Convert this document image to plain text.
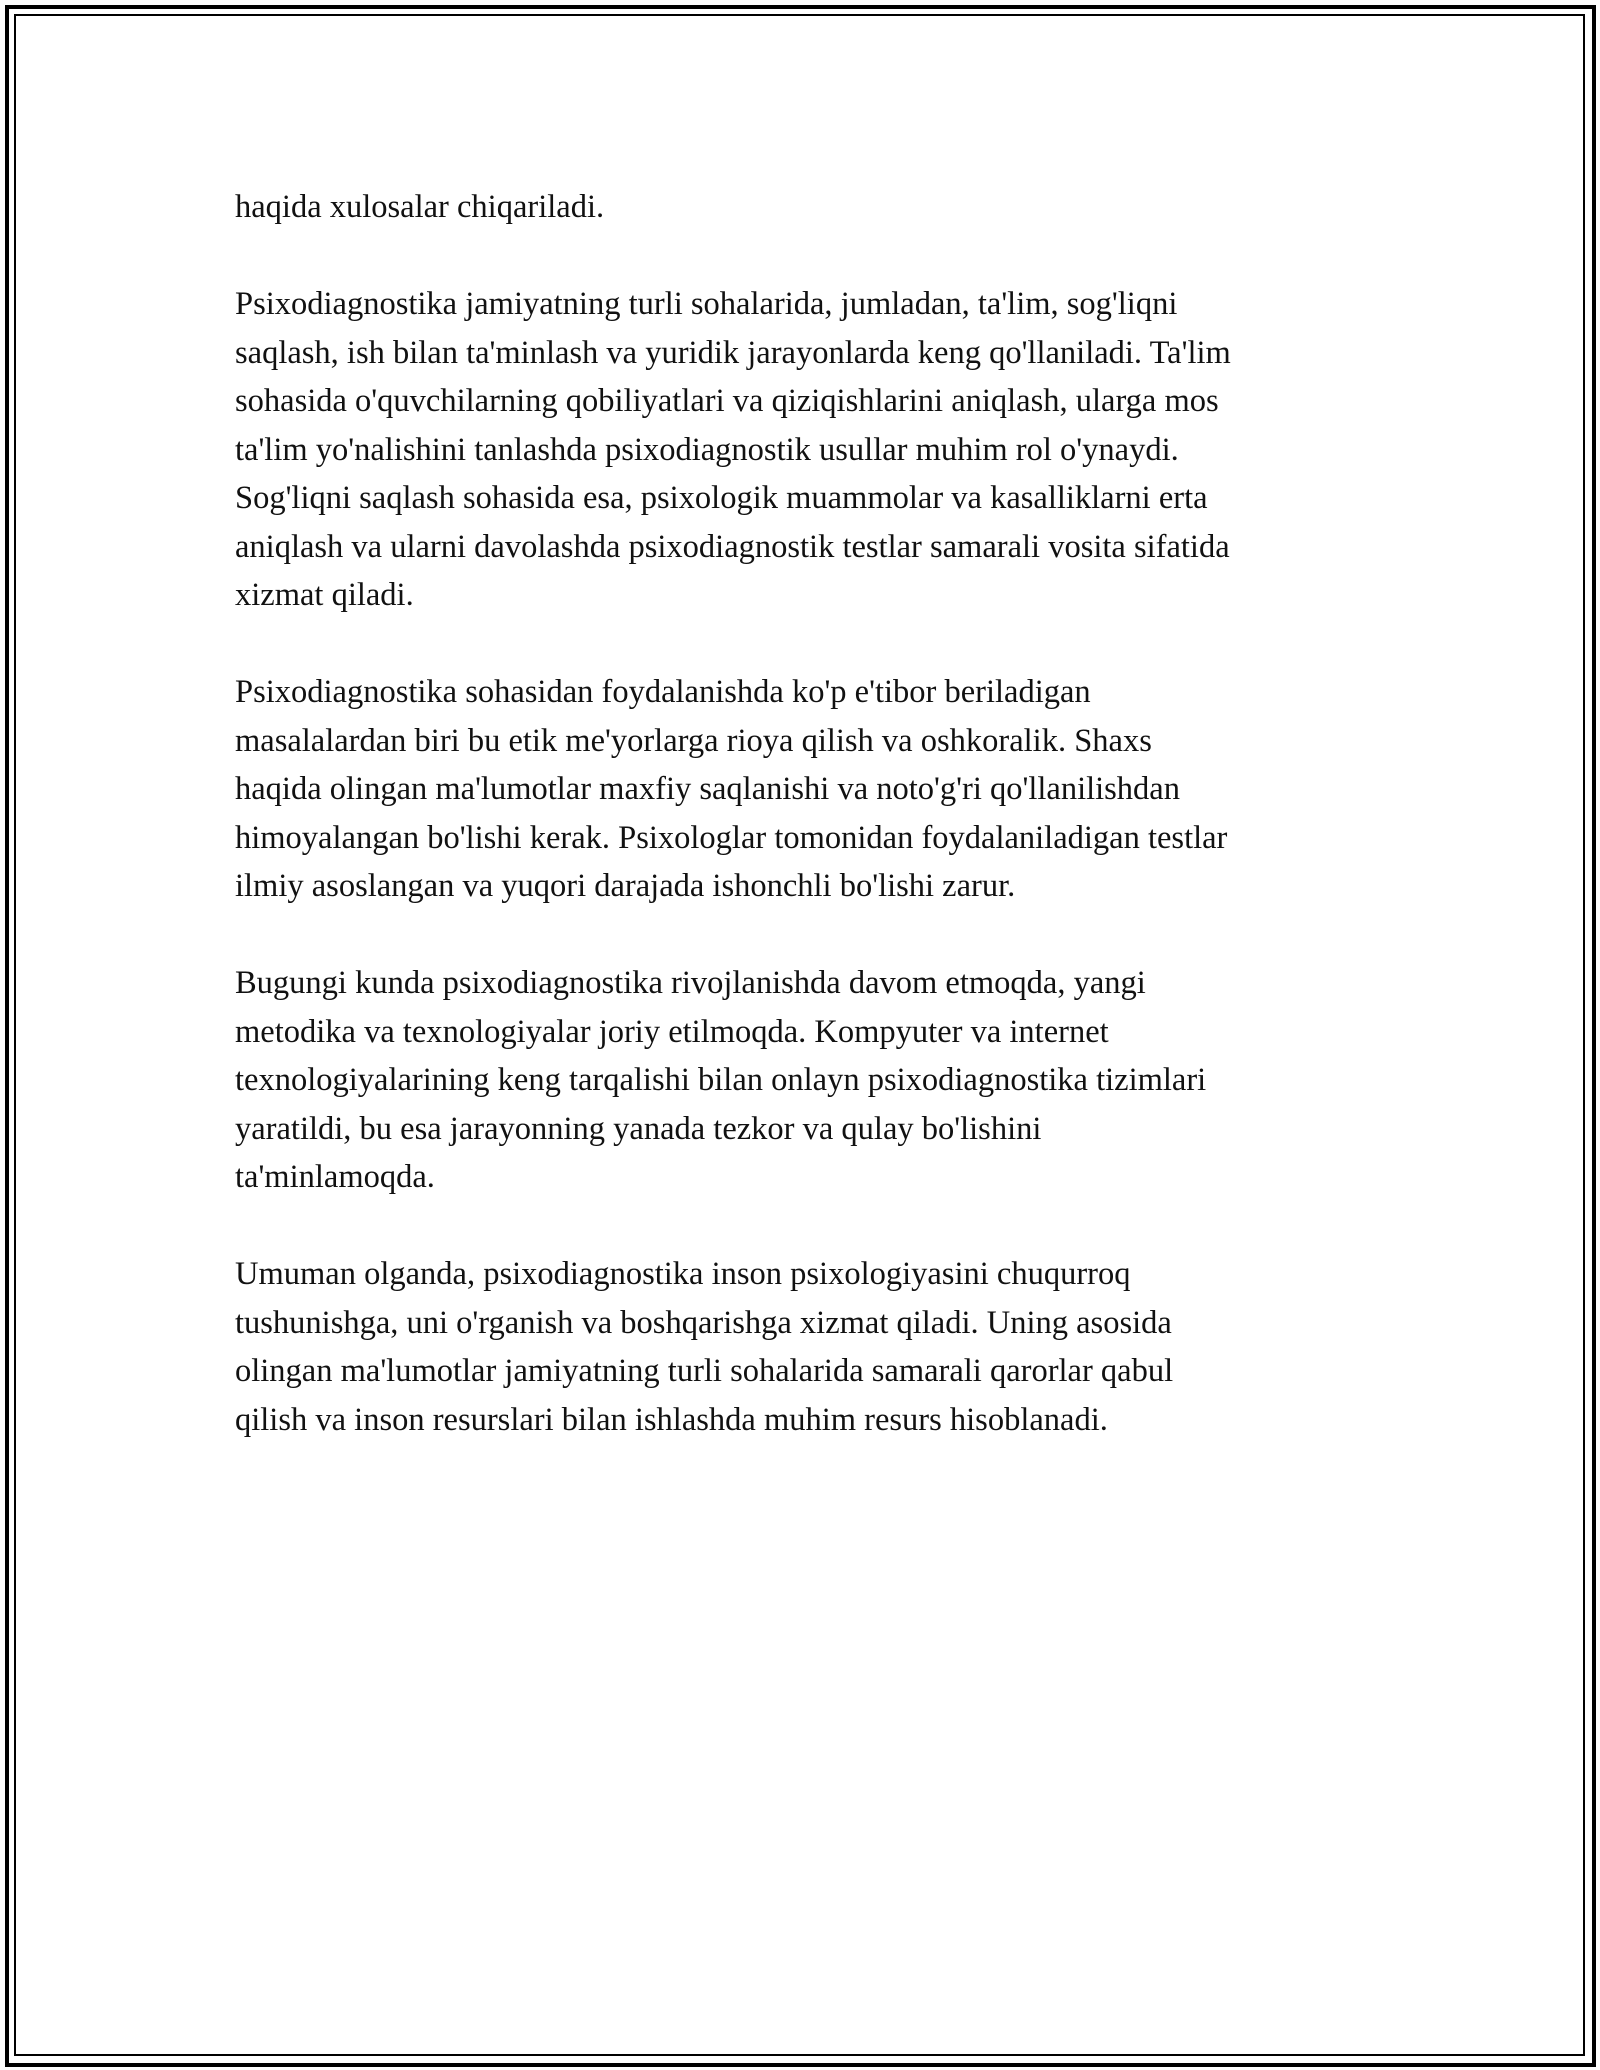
haqida xulosalar chiqariladi.

Psixodiagnostika jamiyatning turli sohalarida, jumladan, ta'lim, sog'liqni
saqlash, ish bilan ta'minlash va yuridik jarayonlarda keng qo'llaniladi. Ta'lim
sohasida o'quvchilarning qobiliyatlari va qiziqishlarini aniqlash, ularga mos
ta'lim yo'nalishini tanlashda psixodiagnostik usullar muhim rol o'ynaydi.
Sog'liqni saqlash sohasida esa, psixologik muammolar va kasalliklarni erta
aniqlash va ularni davolashda psixodiagnostik testlar samarali vosita sifatida
xizmat qiladi.

Psixodiagnostika sohasidan foydalanishda ko'p e'tibor beriladigan
masalalardan biri bu etik me'yorlarga rioya qilish va oshkoralik. Shaxs
haqida olingan ma'lumotlar maxfiy saqlanishi va noto'g'ri qo'llanilishdan
himoyalangan bo'lishi kerak. Psixologlar tomonidan foydalaniladigan testlar
ilmiy asoslangan va yuqori darajada ishonchli bo'lishi zarur.

Bugungi kunda psixodiagnostika rivojlanishda davom etmoqda, yangi
metodika va texnologiyalar joriy etilmoqda. Kompyuter va internet
texnologiyalarining keng tarqalishi bilan onlayn psixodiagnostika tizimlari
yaratildi, bu esa jarayonning yanada tezkor va qulay bo'lishini
ta'minlamoqda.

Umuman olganda, psixodiagnostika inson psixologiyasini chuqurroq
tushunishga, uni o'rganish va boshqarishga xizmat qiladi. Uning asosida
olingan ma'lumotlar jamiyatning turli sohalarida samarali qarorlar qabul
qilish va inson resurslari bilan ishlashda muhim resurs hisoblanadi.
